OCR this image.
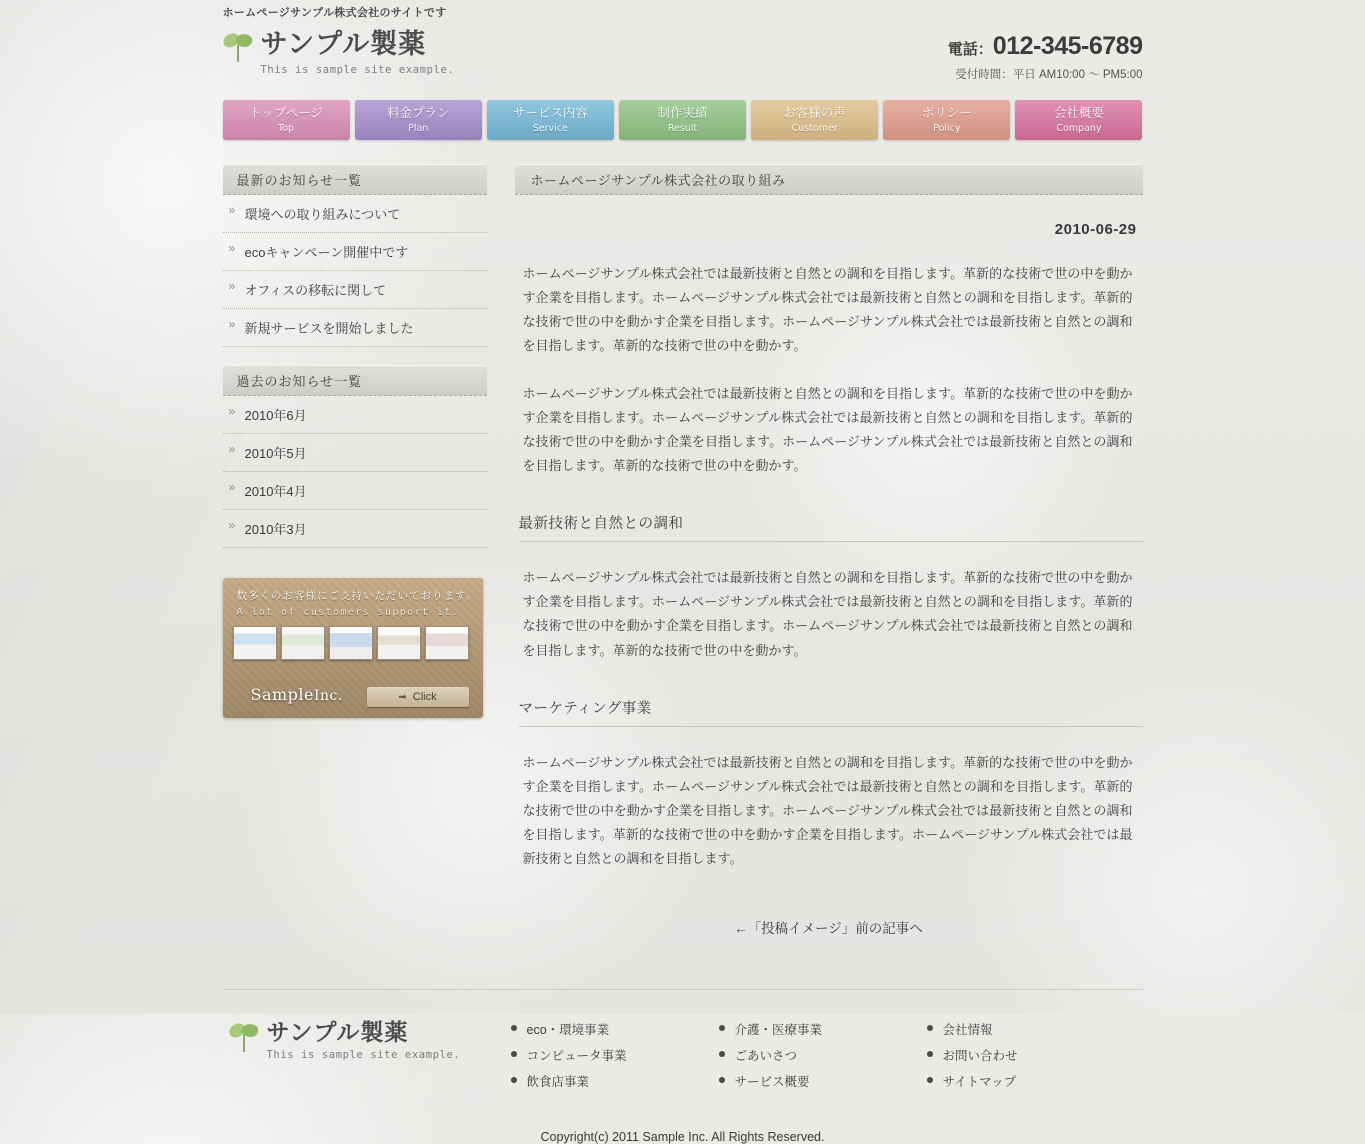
ホームページサンプル株式会社のサイトです
サンプル製薬
This is sample site example.
電話：012-345-6789
受付時間：平日 AM10:00 ～ PM5:00
トップページ
Top
料金プラン
Plan
サービス内容
Service
制作実績
Result
お客様の声
Customer
ポリシー
Policy
会社概要
Company
最新のお知らせ一覧
» 環境への取り組みについて
» ecoキャンペーン開催中です
» オフィスの移転に関して
» 新規サービスを開始しました
過去のお知らせ一覧
» 2010年6月
» 2010年5月
» 2010年4月
» 2010年3月
数多くのお客様にご支持いただいております。
A lot of customers support it.
SampleInc.	➡ Click
ホームページサンプル株式会社の取り組み
2010-06-29

ホームページサンプル株式会社では最新技術と自然との調和を目指します。革新的な技術で世の中を動かす企業を目指します。ホームページサンプル株式会社では最新技術と自然との調和を目指します。革新的な技術で世の中を動かす企業を目指します。ホームページサンプル株式会社では最新技術と自然との調和を目指します。革新的な技術で世の中を動かす。

ホームページサンプル株式会社では最新技術と自然との調和を目指します。革新的な技術で世の中を動かす企業を目指します。ホームページサンプル株式会社では最新技術と自然との調和を目指します。革新的な技術で世の中を動かす企業を目指します。ホームページサンプル株式会社では最新技術と自然との調和を目指します。革新的な技術で世の中を動かす。

最新技術と自然との調和

ホームページサンプル株式会社では最新技術と自然との調和を目指します。革新的な技術で世の中を動かす企業を目指します。ホームページサンプル株式会社では最新技術と自然との調和を目指します。革新的な技術で世の中を動かす企業を目指します。ホームページサンプル株式会社では最新技術と自然との調和を目指します。革新的な技術で世の中を動かす。

マーケティング事業

ホームページサンプル株式会社では最新技術と自然との調和を目指します。革新的な技術で世の中を動かす企業を目指します。ホームページサンプル株式会社では最新技術と自然との調和を目指します。革新的な技術で世の中を動かす企業を目指します。ホームページサンプル株式会社では最新技術と自然との調和を目指します。革新的な技術で世の中を動かす企業を目指します。ホームページサンプル株式会社では最新技術と自然との調和を目指します。

←「投稿イメージ」前の記事へ
サンプル製薬
This is sample site example.
eco・環境事業
コンピュータ事業
飲食店事業
介護・医療事業
ごあいさつ
サービス概要
会社情報
お問い合わせ
サイトマップ
Copyright(c) 2011 Sample Inc. All Rights Reserved.
